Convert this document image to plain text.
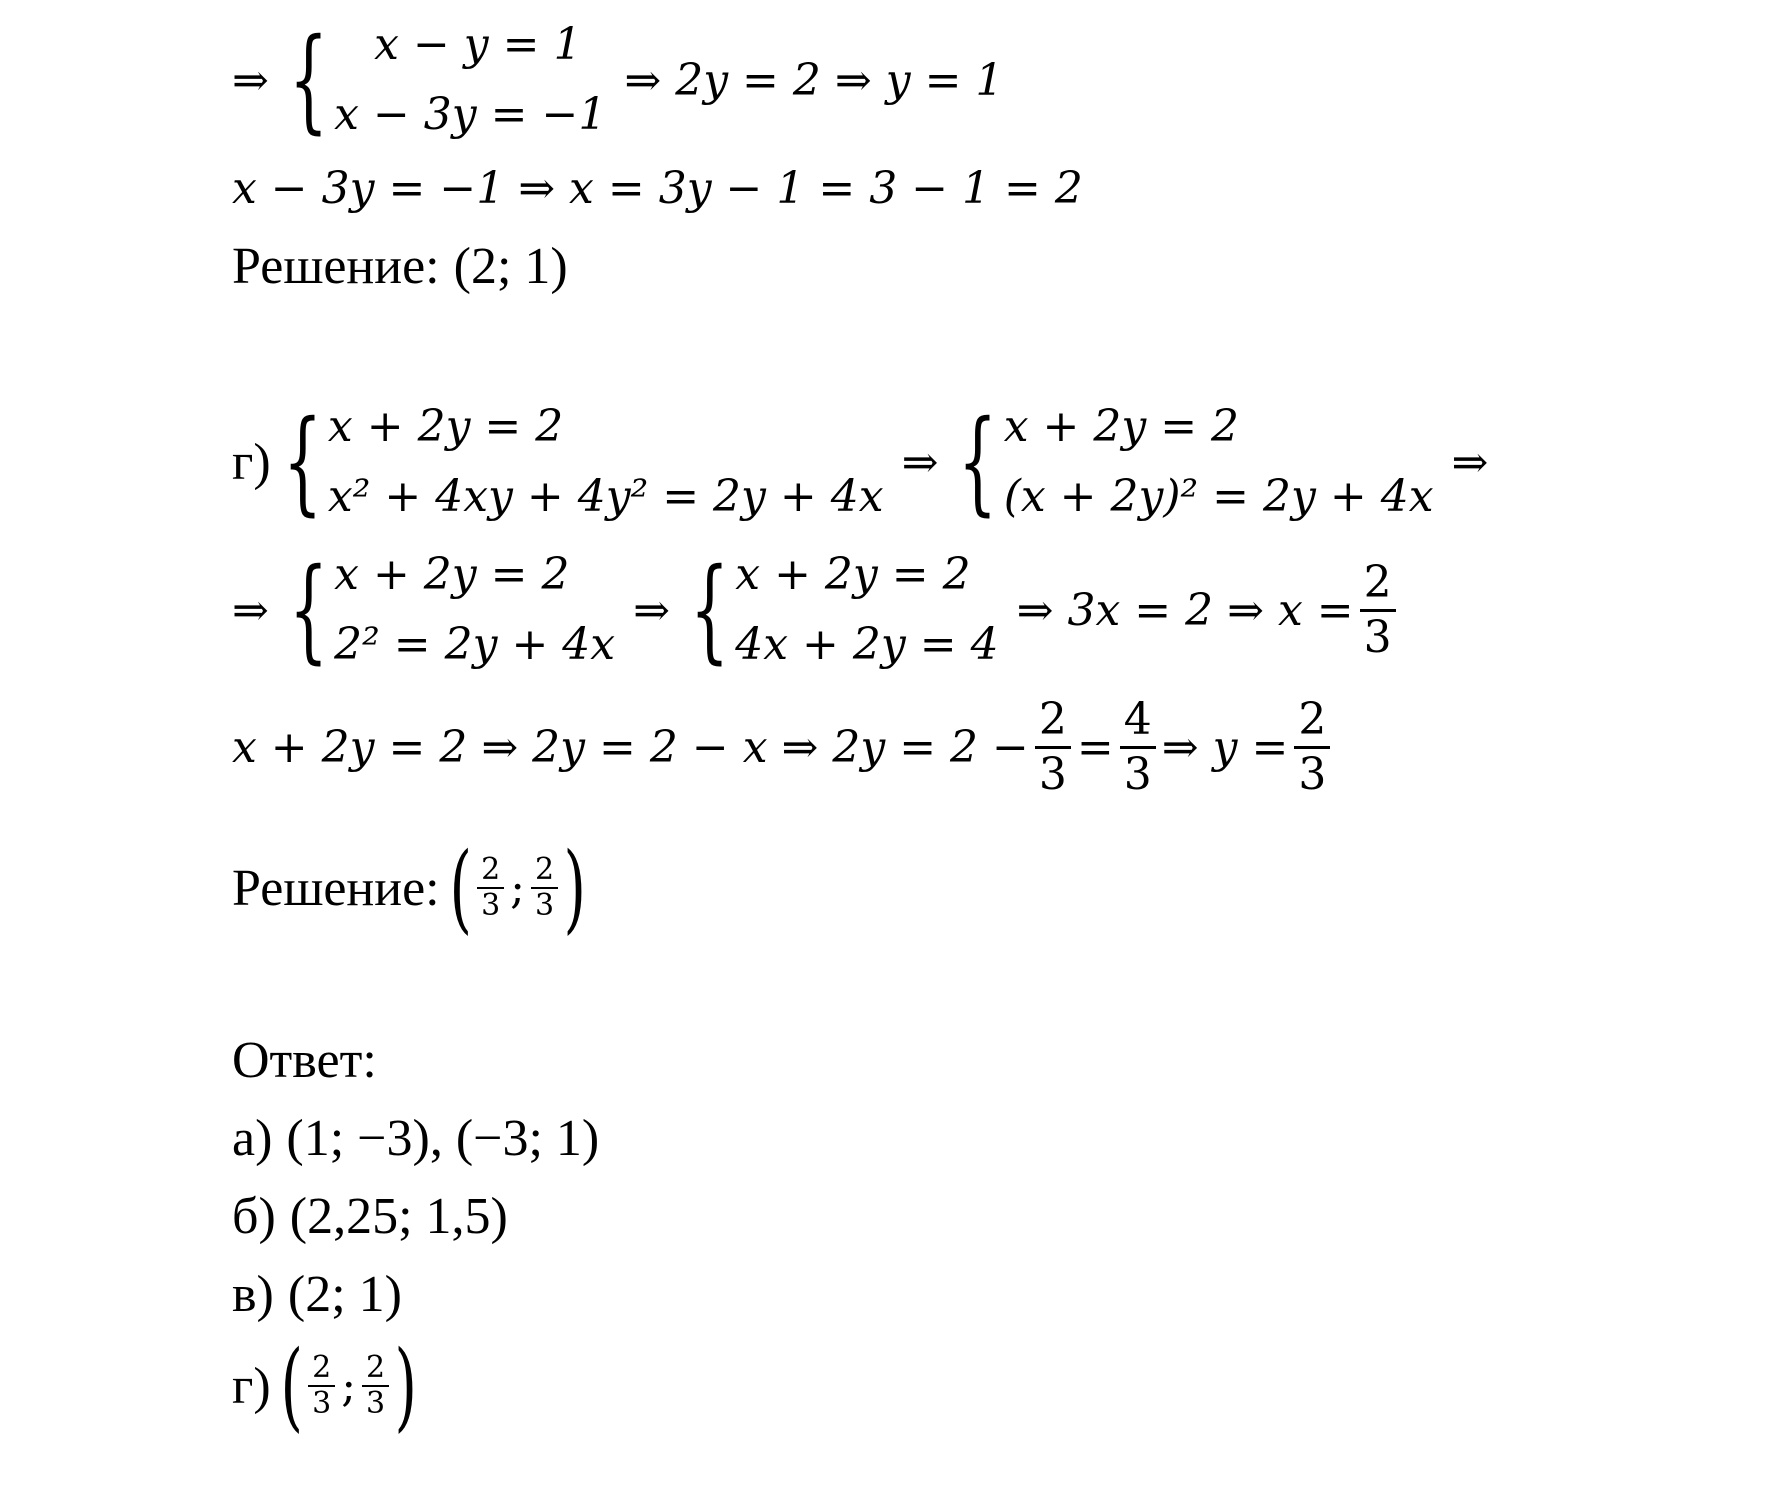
⇒ {	x − y = 1
x − 3y = −1
⇒ 2y = 2 ⇒ y = 1
x − 3y = −1 ⇒ x = 3y − 1 = 3 − 1 = 2
Решение: (2; 1)
г) { x + 2y = 2
x² + 4xy + 4y² = 2y + 4x
⇒ { x + 2y = 2
(x + 2y)² = 2y + 4x
⇒
⇒ { x + 2y = 2
2² = 2y + 4x
⇒ { x + 2y = 2
4x + 2y = 4
⇒ 3x = 2 ⇒ $x = \frac{2}{3}$
x + 2y = 2 ⇒ 2y = 2 − x ⇒ $2y = 2 - \frac{2}{3} = \frac{4}{3}$ ⇒ $y = \frac{2}{3}$
Решение: ( $\frac{2}{3}$ ; $\frac{2}{3}$ )
Ответ:
а) (1; −3), (−3; 1)
б) (2,25; 1,5)
в) (2; 1)
г) ( $\frac{2}{3}$ ; $\frac{2}{3}$ )
